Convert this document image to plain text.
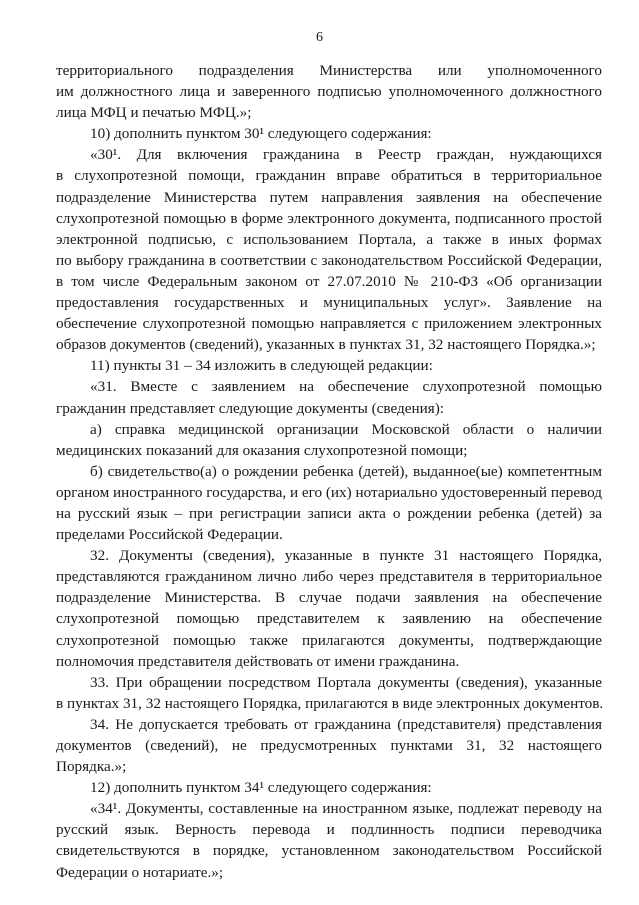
6
территориального подразделения Министерства или уполномоченного
им должностного лица и заверенного подписью уполномоченного должностного
лица МФЦ и печатью МФЦ.»;
10) дополнить пунктом 30¹ следующего содержания:
«30¹. Для включения гражданина в Реестр граждан, нуждающихся
в слухопротезной помощи, гражданин вправе обратиться в территориальное
подразделение Министерства путем направления заявления на обеспечение
слухопротезной помощью в форме электронного документа, подписанного простой
электронной подписью, с использованием Портала, а также в иных формах
по выбору гражданина в соответствии с законодательством Российской Федерации,
в том числе Федеральным законом от 27.07.2010 № 210-ФЗ «Об организации
предоставления государственных и муниципальных услуг». Заявление на
обеспечение слухопротезной помощью направляется с приложением электронных
образов документов (сведений), указанных в пунктах 31, 32 настоящего Порядка.»;
11) пункты 31 – 34 изложить в следующей редакции:
«31. Вместе с заявлением на обеспечение слухопротезной помощью
гражданин представляет следующие документы (сведения):
а) справка медицинской организации Московской области о наличии
медицинских показаний для оказания слухопротезной помощи;
б) свидетельство(а) о рождении ребенка (детей), выданное(ые) компетентным
органом иностранного государства, и его (их) нотариально удостоверенный перевод
на русский язык – при регистрации записи акта о рождении ребенка (детей) за
пределами Российской Федерации.
32. Документы (сведения), указанные в пункте 31 настоящего Порядка,
представляются гражданином лично либо через представителя в территориальное
подразделение Министерства. В случае подачи заявления на обеспечение
слухопротезной помощью представителем к заявлению на обеспечение
слухопротезной помощью также прилагаются документы, подтверждающие
полномочия представителя действовать от имени гражданина.
33. При обращении посредством Портала документы (сведения), указанные
в пунктах 31, 32 настоящего Порядка, прилагаются в виде электронных документов.
34. Не допускается требовать от гражданина (представителя) представления
документов (сведений), не предусмотренных пунктами 31, 32 настоящего
Порядка.»;
12) дополнить пунктом 34¹ следующего содержания:
«34¹. Документы, составленные на иностранном языке, подлежат переводу на
русский язык. Верность перевода и подлинность подписи переводчика
свидетельствуются в порядке, установленном законодательством Российской
Федерации о нотариате.»;
